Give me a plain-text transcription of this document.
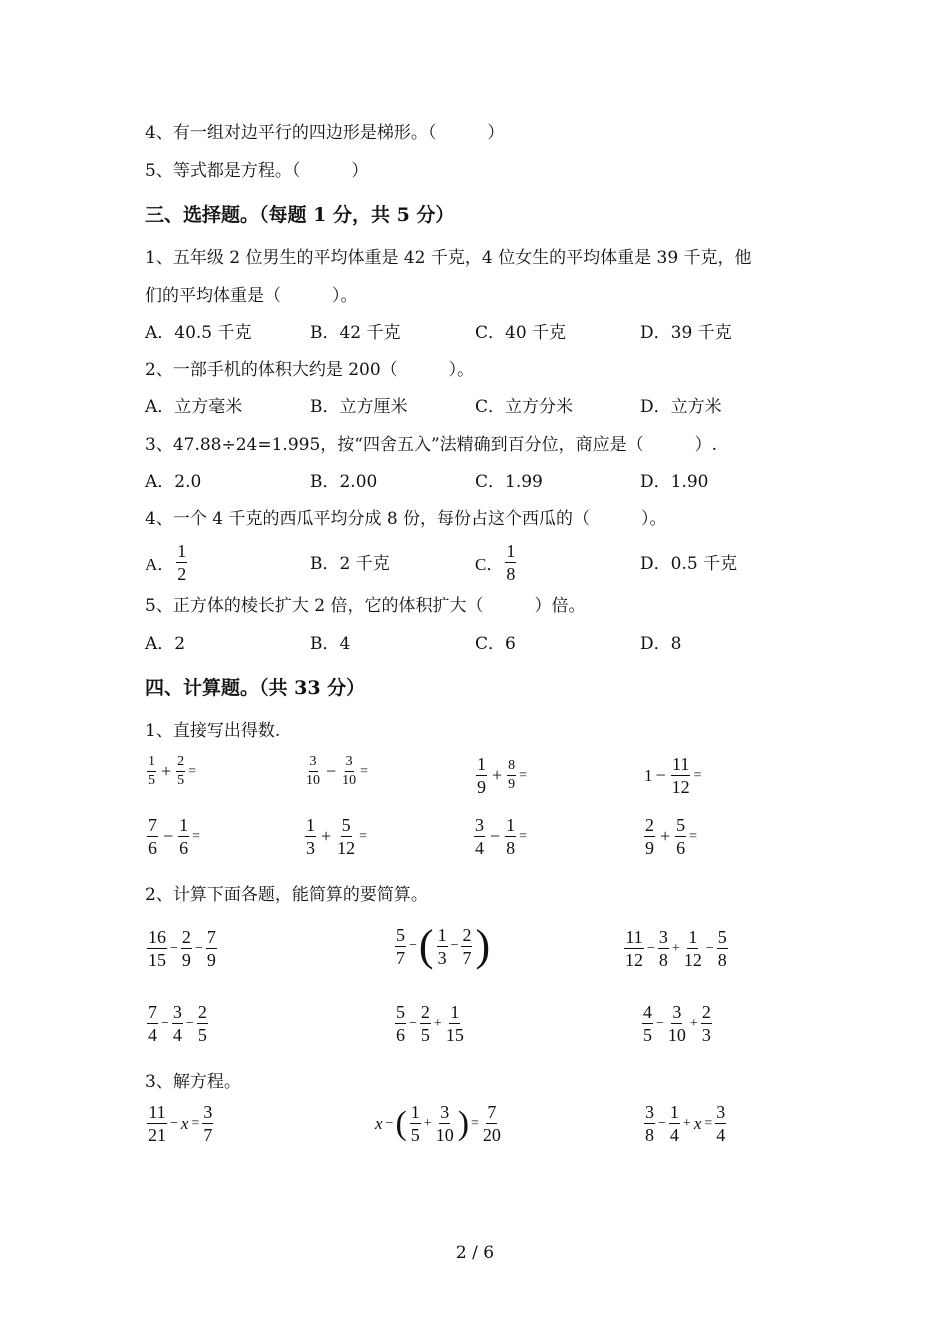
4、有一组对边平行的四边形是梯形。（　　　）
5、等式都是方程。（　　　）
三、选择题。（每题 1 分，共 5 分）
1、五年级 2 位男生的平均体重是 42 千克，4 位女生的平均体重是 39 千克，他
们的平均体重是（　　　）。
A．40.5 千克	B．42 千克	C．40 千克	D．39 千克
2、一部手机的体积大约是 200（　　　）。
A．立方毫米	B．立方厘米	C．立方分米	D．立方米
3、47.88÷24=1.995，按“四舍五入”法精确到百分位，商应是（　　　）.
A．2.0	B．2.00	C．1.99	D．1.90
4、一个 4 千克的西瓜平均分成 8 份，每份占这个西瓜的（　　　）。
A． $\frac{1}{2}$	B．2 千克	C． $\frac{1}{8}$	D．0.5 千克
5、正方体的棱长扩大 2 倍，它的体积扩大（　　　）倍。
A．2	B．4	C．6	D．8
四、计算题。（共 33 分）
1、直接写出得数.
$\frac{1}{5} + \frac{2}{5}$ =	$\frac{3}{10} - \frac{3}{10}$ =	$\frac{1}{9} + \frac{8}{9}$ =	$1 - \frac{11}{12}$ =
$\frac{7}{6} - \frac{1}{6}$ =	$\frac{1}{3} + \frac{5}{12}$ =	$\frac{3}{4} - \frac{1}{8}$ =	$\frac{2}{9} + \frac{5}{6}$ =
2、计算下面各题，能简算的要简算。
$\frac{16}{15} - \frac{2}{9} - \frac{7}{9}$	$\frac{5}{7}$ − ( $\frac{1}{3} - \frac{2}{7}$ )	$\frac{11}{12} - \frac{3}{8} + \frac{1}{12} - \frac{5}{8}$
$\frac{7}{4} - \frac{3}{4} - \frac{2}{5}$	$\frac{5}{6} - \frac{2}{5} + \frac{1}{15}$	$\frac{4}{5} - \frac{3}{10} + \frac{2}{3}$
3、解方程。
$\frac{11}{21} - x = \frac{3}{7}$	x − ( $\frac{1}{5} + \frac{3}{10}$ ) = $\frac{7}{20}$	$\frac{3}{8} - \frac{1}{4} + x = \frac{3}{4}$
2 / 6
